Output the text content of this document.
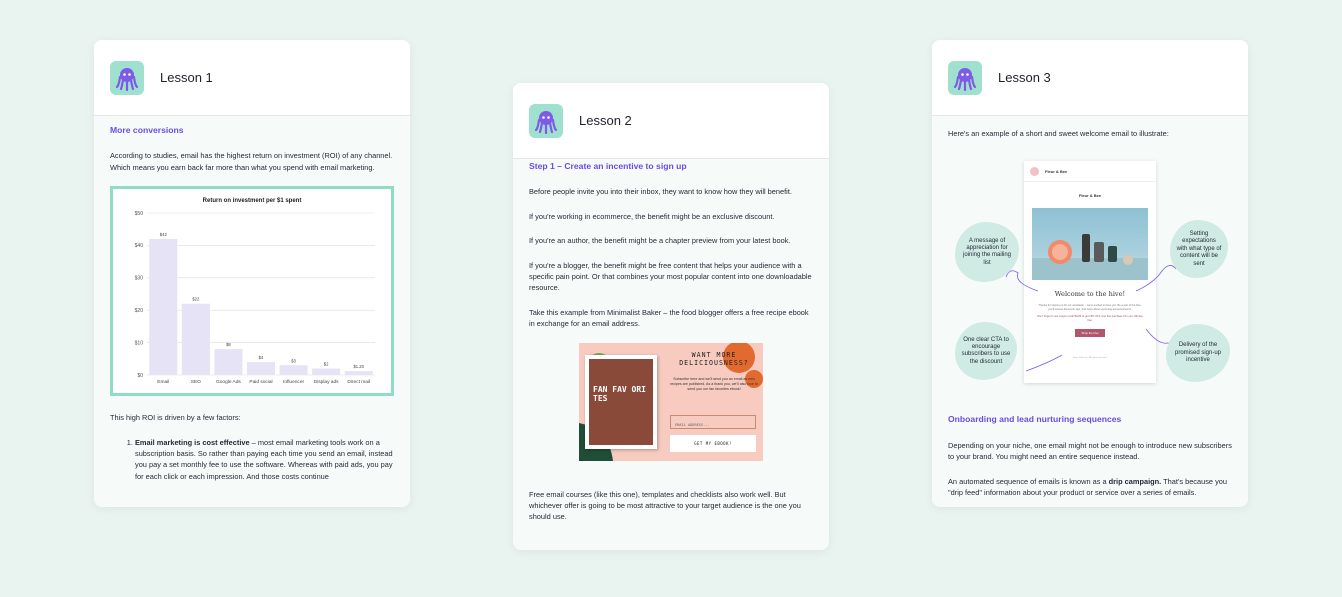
Lesson 1
More conversions

According to studies, email has the highest return on investment (ROI) of any channel. Which means you earn back far more than what you spend with email marketing.

Return on investment per $1 spent
$0
$10
$20
$30
$40
$50
$42
Email
$22
SEO
$8
Google Ads
$4
Paid social
$3
Influencer
$2
Display ads
$1.20
Direct mail

This high ROI is driven by a few factors:

1. Email marketing is cost effective – most email marketing tools work on a subscription basis. So rather than paying each time you send an email, instead you pay a set monthly fee to use the software. Whereas with paid ads, you pay for each click or each impression. And those costs continue
Lesson 2
Step 1 – Create an incentive to sign up

Before people invite you into their inbox, they want to know how they will benefit.

If you're working in ecommerce, the benefit might be an exclusive discount.

If you're an author, the benefit might be a chapter preview from your latest book.

If you're a blogger, the benefit might be free content that helps your audience with a specific pain point. Or that combines your most popular content into one downloadable resource.

Take this example from Minimalist Baker – the food blogger offers a free recipe ebook in exchange for an email address.

FAN FAV ORI TES
WANT MORE DELICIOUSNESS?
Subscribe here and we'll send you an email as new recipes are published. As a thank you, we'll also love to send you our fan favorites ebook!
EMAIL ADDRESS...
GET MY EBOOK!

Free email courses (like this one), templates and checklists also work well. But whichever offer is going to be most attractive to your target audience is the one you should use.

Lesson 3

Here's an example of a short and sweet welcome email to illustrate:

Fleur & Bee
Fleur & Bee
Welcome to the hive!
Thanks for signing up for our newsletter – we're excited to have you. Be a part of the hive, you'll receive discounts, tips, and news about upcoming announcements.
Don't forget to use coupon code BUZZ to get 15% OFF your first purchase from our 100 day free.
Shop the hive
Fleur & Bee Inc. All rights reserved.
A message of appreciation for joining the mailing list
Setting expectations with what type of content will be sent
One clear CTA to encourage subscribers to use the discount
Delivery of the promised sign-up incentive
Onboarding and lead nurturing sequences

Depending on your niche, one email might not be enough to introduce new subscribers to your brand. You might need an entire sequence instead.

An automated sequence of emails is known as a drip campaign. That's because you "drip feed" information about your product or service over a series of emails.
